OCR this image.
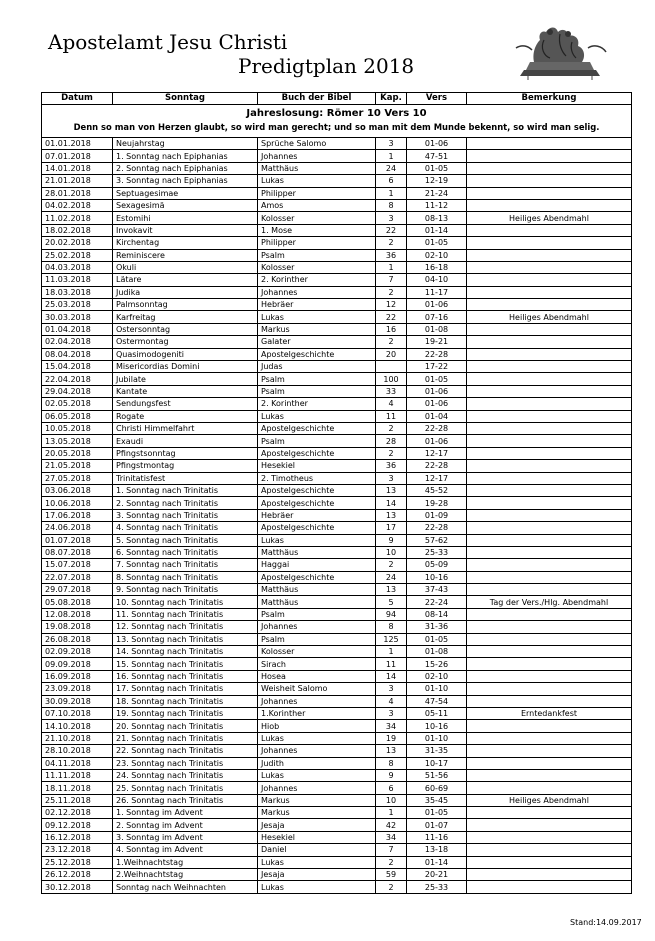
Apostelamt Jesu Christi
Predigtplan 2018
Datum	Sonntag	Buch der Bibel	Kap.	Vers	Bemerkung

Jahreslosung: Römer 10 Vers 10
Denn so man von Herzen glaubt, so wird man gerecht; und so man mit dem Munde bekennt, so wird man selig.					

01.01.2018	Neujahrstag	Sprüche Salomo	3	01-06	
07.01.2018	1. Sonntag nach Epiphanias	Johannes	1	47-51	
14.01.2018	2. Sonntag nach Epiphanias	Matthäus	24	01-05	
21.01.2018	3. Sonntag nach Epiphanias	Lukas	6	12-19	
28.01.2018	Septuagesimae	Philipper	1	21-24	
04.02.2018	Sexagesimä	Amos	8	11-12	
11.02.2018	Estomihi	Kolosser	3	08-13	Heiliges Abendmahl
18.02.2018	Invokavit	1. Mose	22	01-14	
20.02.2018	Kirchentag	Philipper	2	01-05	
25.02.2018	Reminiscere	Psalm	36	02-10	
04.03.2018	Okuli	Kolosser	1	16-18	
11.03.2018	Lätare	2. Korinther	7	04-10	
18.03.2018	Judika	Johannes	2	11-17	
25.03.2018	Palmsonntag	Hebräer	12	01-06	
30.03.2018	Karfreitag	Lukas	22	07-16	Heiliges Abendmahl
01.04.2018	Ostersonntag	Markus	16	01-08	
02.04.2018	Ostermontag	Galater	2	19-21	
08.04.2018	Quasimodogeniti	Apostelgeschichte	20	22-28	
15.04.2018	Misericordias Domini	Judas		17-22	
22.04.2018	Jubilate	Psalm	100	01-05	
29.04.2018	Kantate	Psalm	33	01-06	
02.05.2018	Sendungsfest	2. Korinther	4	01-06	
06.05.2018	Rogate	Lukas	11	01-04	
10.05.2018	Christi Himmelfahrt	Apostelgeschichte	2	22-28	
13.05.2018	Exaudi	Psalm	28	01-06	
20.05.2018	Pfingstsonntag	Apostelgeschichte	2	12-17	
21.05.2018	Pfingstmontag	Hesekiel	36	22-28	
27.05.2018	Trinitatisfest	2. Timotheus	3	12-17	
03.06.2018	1. Sonntag nach Trinitatis	Apostelgeschichte	13	45-52	
10.06.2018	2. Sonntag nach Trinitatis	Apostelgeschichte	14	19-28	
17.06.2018	3. Sonntag nach Trinitatis	Hebräer	13	01-09	
24.06.2018	4. Sonntag nach Trinitatis	Apostelgeschichte	17	22-28	
01.07.2018	5. Sonntag nach Trinitatis	Lukas	9	57-62	
08.07.2018	6. Sonntag nach Trinitatis	Matthäus	10	25-33	
15.07.2018	7. Sonntag nach Trinitatis	Haggai	2	05-09	
22.07.2018	8. Sonntag nach Trinitatis	Apostelgeschichte	24	10-16	
29.07.2018	9. Sonntag nach Trinitatis	Matthäus	13	37-43	
05.08.2018	10. Sonntag nach Trinitatis	Matthäus	5	22-24	Tag der Vers./Hlg. Abendmahl
12.08.2018	11. Sonntag nach Trinitatis	Psalm	94	08-14	
19.08.2018	12. Sonntag nach Trinitatis	Johannes	8	31-36	
26.08.2018	13. Sonntag nach Trinitatis	Psalm	125	01-05	
02.09.2018	14. Sonntag nach Trinitatis	Kolosser	1	01-08	
09.09.2018	15. Sonntag nach Trinitatis	Sirach	11	15-26	
16.09.2018	16. Sonntag nach Trinitatis	Hosea	14	02-10	
23.09.2018	17. Sonntag nach Trinitatis	Weisheit Salomo	3	01-10	
30.09.2018	18. Sonntag nach Trinitatis	Johannes	4	47-54	
07.10.2018	19. Sonntag nach Trinitatis	1.Korinther	3	05-11	Erntedankfest
14.10.2018	20. Sonntag nach Trinitatis	Hiob	34	10-16	
21.10.2018	21. Sonntag nach Trinitatis	Lukas	19	01-10	
28.10.2018	22. Sonntag nach Trinitatis	Johannes	13	31-35	
04.11.2018	23. Sonntag nach Trinitatis	Judith	8	10-17	
11.11.2018	24. Sonntag nach Trinitatis	Lukas	9	51-56	
18.11.2018	25. Sonntag nach Trinitatis	Johannes	6	60-69	
25.11.2018	26. Sonntag nach Trinitatis	Markus	10	35-45	Heiliges Abendmahl
02.12.2018	1. Sonntag im Advent	Markus	1	01-05	
09.12.2018	2. Sonntag im Advent	Jesaja	42	01-07	
16.12.2018	3. Sonntag im Advent	Hesekiel	34	11-16	
23.12.2018	4. Sonntag im Advent	Daniel	7	13-18	
25.12.2018	1.Weihnachtstag	Lukas	2	01-14	
26.12.2018	2.Weihnachtstag	Jesaja	59	20-21	
30.12.2018	Sonntag nach Weihnachten	Lukas	2	25-33	
Stand:14.09.2017
